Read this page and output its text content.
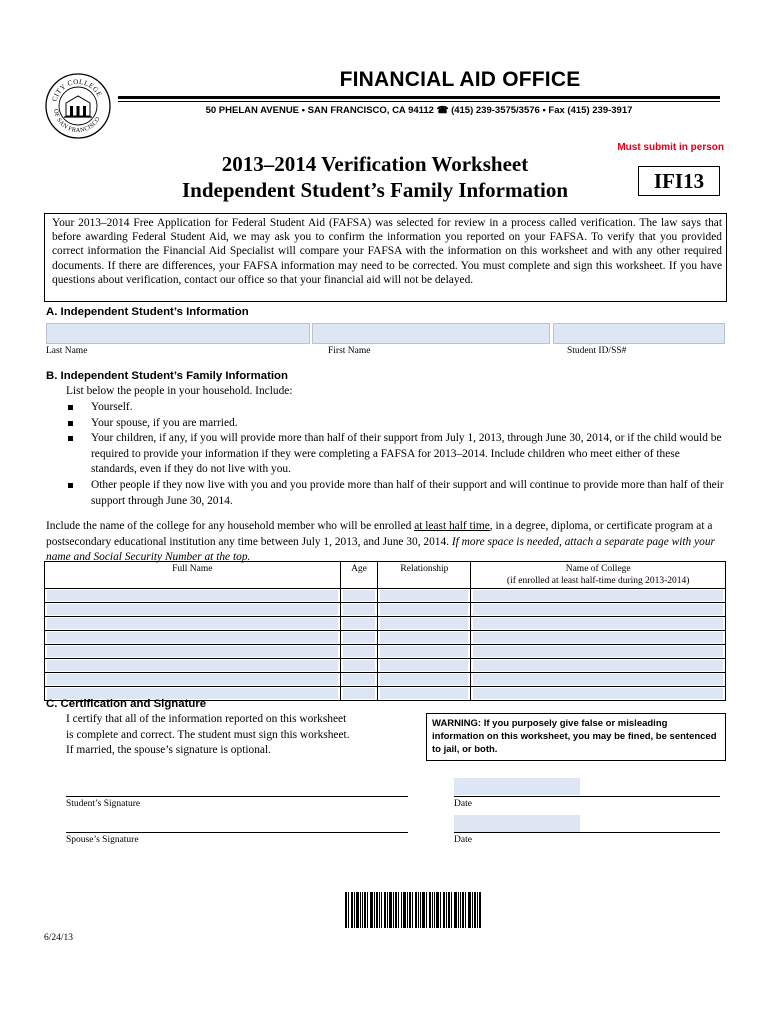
CITY COLLEGE
OF SAN FRANCISCO
FINANCIAL AID OFFICE
50 PHELAN AVENUE • SAN FRANCISCO, CA 94112 ☎ (415) 239-3575/3576 • Fax (415) 239-3917
Must submit in person
2013–2014 Verification Worksheet
Independent Student’s Family Information	IFI13
Your 2013–2014 Free Application for Federal Student Aid (FAFSA) was selected for review in a process called verification. The law says that before awarding Federal Student Aid, we may ask you to confirm the information you reported on your FAFSA. To verify that you provided correct information the Financial Aid Specialist will compare your FAFSA with the information on this worksheet and with any other required documents. If there are differences, your FAFSA information may need to be corrected. You must complete and sign this worksheet. If you have questions about verification, contact our office so that your financial aid will not be delayed.
A. Independent Student’s Information
Last Name	First Name	Student ID/SS#
B. Independent Student’s Family Information
List below the people in your household. Include:
Yourself.
Your spouse, if you are married.
Your children, if any, if you will provide more than half of their support from July 1, 2013, through June 30, 2014, or if the child would be required to provide your information if they were completing a FAFSA for 2013–2014. Include children who meet either of these standards, even if they do not live with you.
Other people if they now live with you and you provide more than half of their support and will continue to provide more than half of their support through June 30, 2014.
Include the name of the college for any household member who will be enrolled at least half time, in a degree, diploma, or certificate program at a postsecondary educational institution any time between July 1, 2013, and June 30, 2014. If more space is needed, attach a separate page with your name and Social Security Number at the top.
Full Name	Age	Relationship	Name of College
(if enrolled at least half-time during 2013-2014)

C. Certification and Signature
I certify that all of the information reported on this worksheet
is complete and correct. The student must sign this worksheet.
If married, the spouse’s signature is optional.
WARNING: If you purposely give false or misleading information on this worksheet, you may be fined, be sentenced to jail, or both.
Student’s Signature	Date
Spouse’s Signature	Date
6/24/13
